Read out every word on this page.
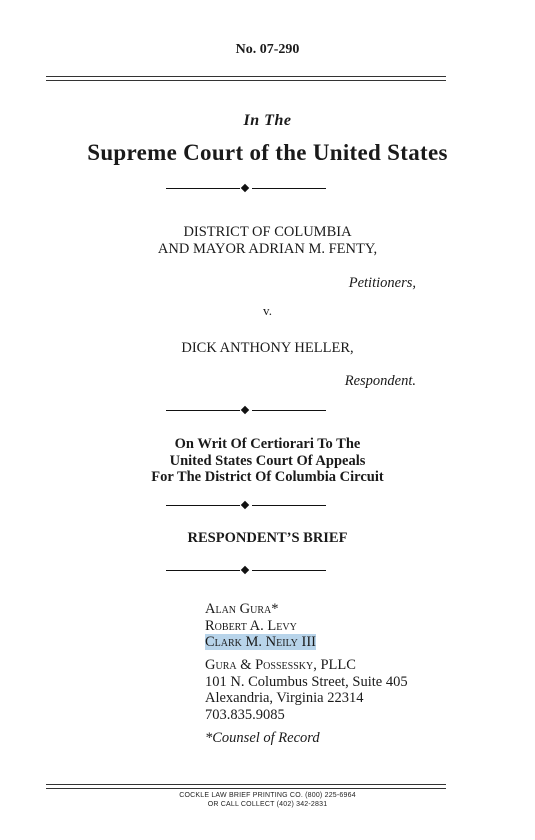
No. 07-290
In The
Supreme Court of the United States
DISTRICT OF COLUMBIA
AND MAYOR ADRIAN M. FENTY,
Petitioners,
v.
DICK ANTHONY HELLER,
Respondent.
On Writ Of Certiorari To The
United States Court Of Appeals
For The District Of Columbia Circuit
RESPONDENT’S BRIEF
Alan Gura*
Robert A. Levy
Clark M. Neily III
Gura & Possessky, PLLC
101 N. Columbus Street, Suite 405
Alexandria, Virginia 22314
703.835.9085
*Counsel of Record
COCKLE LAW BRIEF PRINTING CO. (800) 225-6964
OR CALL COLLECT (402) 342-2831
